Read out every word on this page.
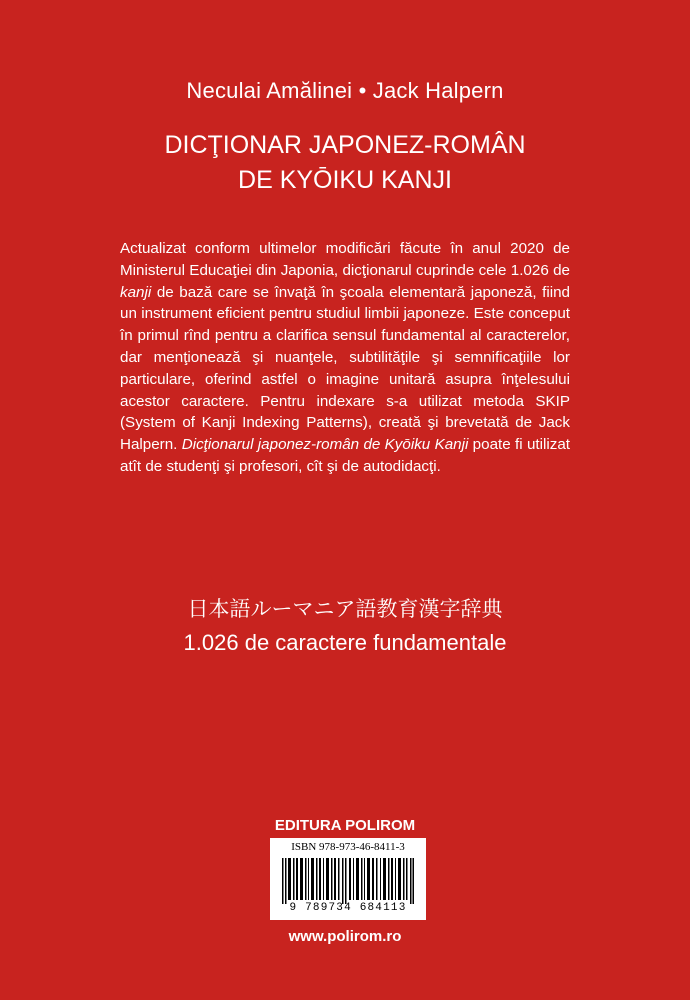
Neculai Amălinei • Jack Halpern
DICŢIONAR JAPONEZ-ROMÂN
DE KYŌIKU KANJI

Actualizat conform ultimelor modificări făcute în anul 2020 de Ministerul Educaţiei din Japonia, dicţionarul cuprinde cele 1.026 de kanji de bază care se învaţă în şcoala elementară japoneză, fiind un instrument eficient pentru studiul limbii japoneze. Este conceput în primul rînd pentru a clarifica sensul fundamental al caracterelor, dar menţionează şi nuanţele, subtilităţile şi semnificaţiile lor particulare, oferind astfel o imagine unitară asupra înţelesului acestor caractere. Pentru indexare s-a utilizat metoda SKIP (System of Kanji Indexing Patterns), creată şi brevetată de Jack Halpern. Dicţionarul japonez-român de Kyōiku Kanji poate fi utilizat atît de studenţi şi profesori, cît şi de autodidacţi.

日本語ルーマニア語教育漢字辞典
1.026 de caractere fundamentale
EDITURA POLIROM
ISBN 978-973-46-8411-3
9 789734 684113
www.polirom.ro
